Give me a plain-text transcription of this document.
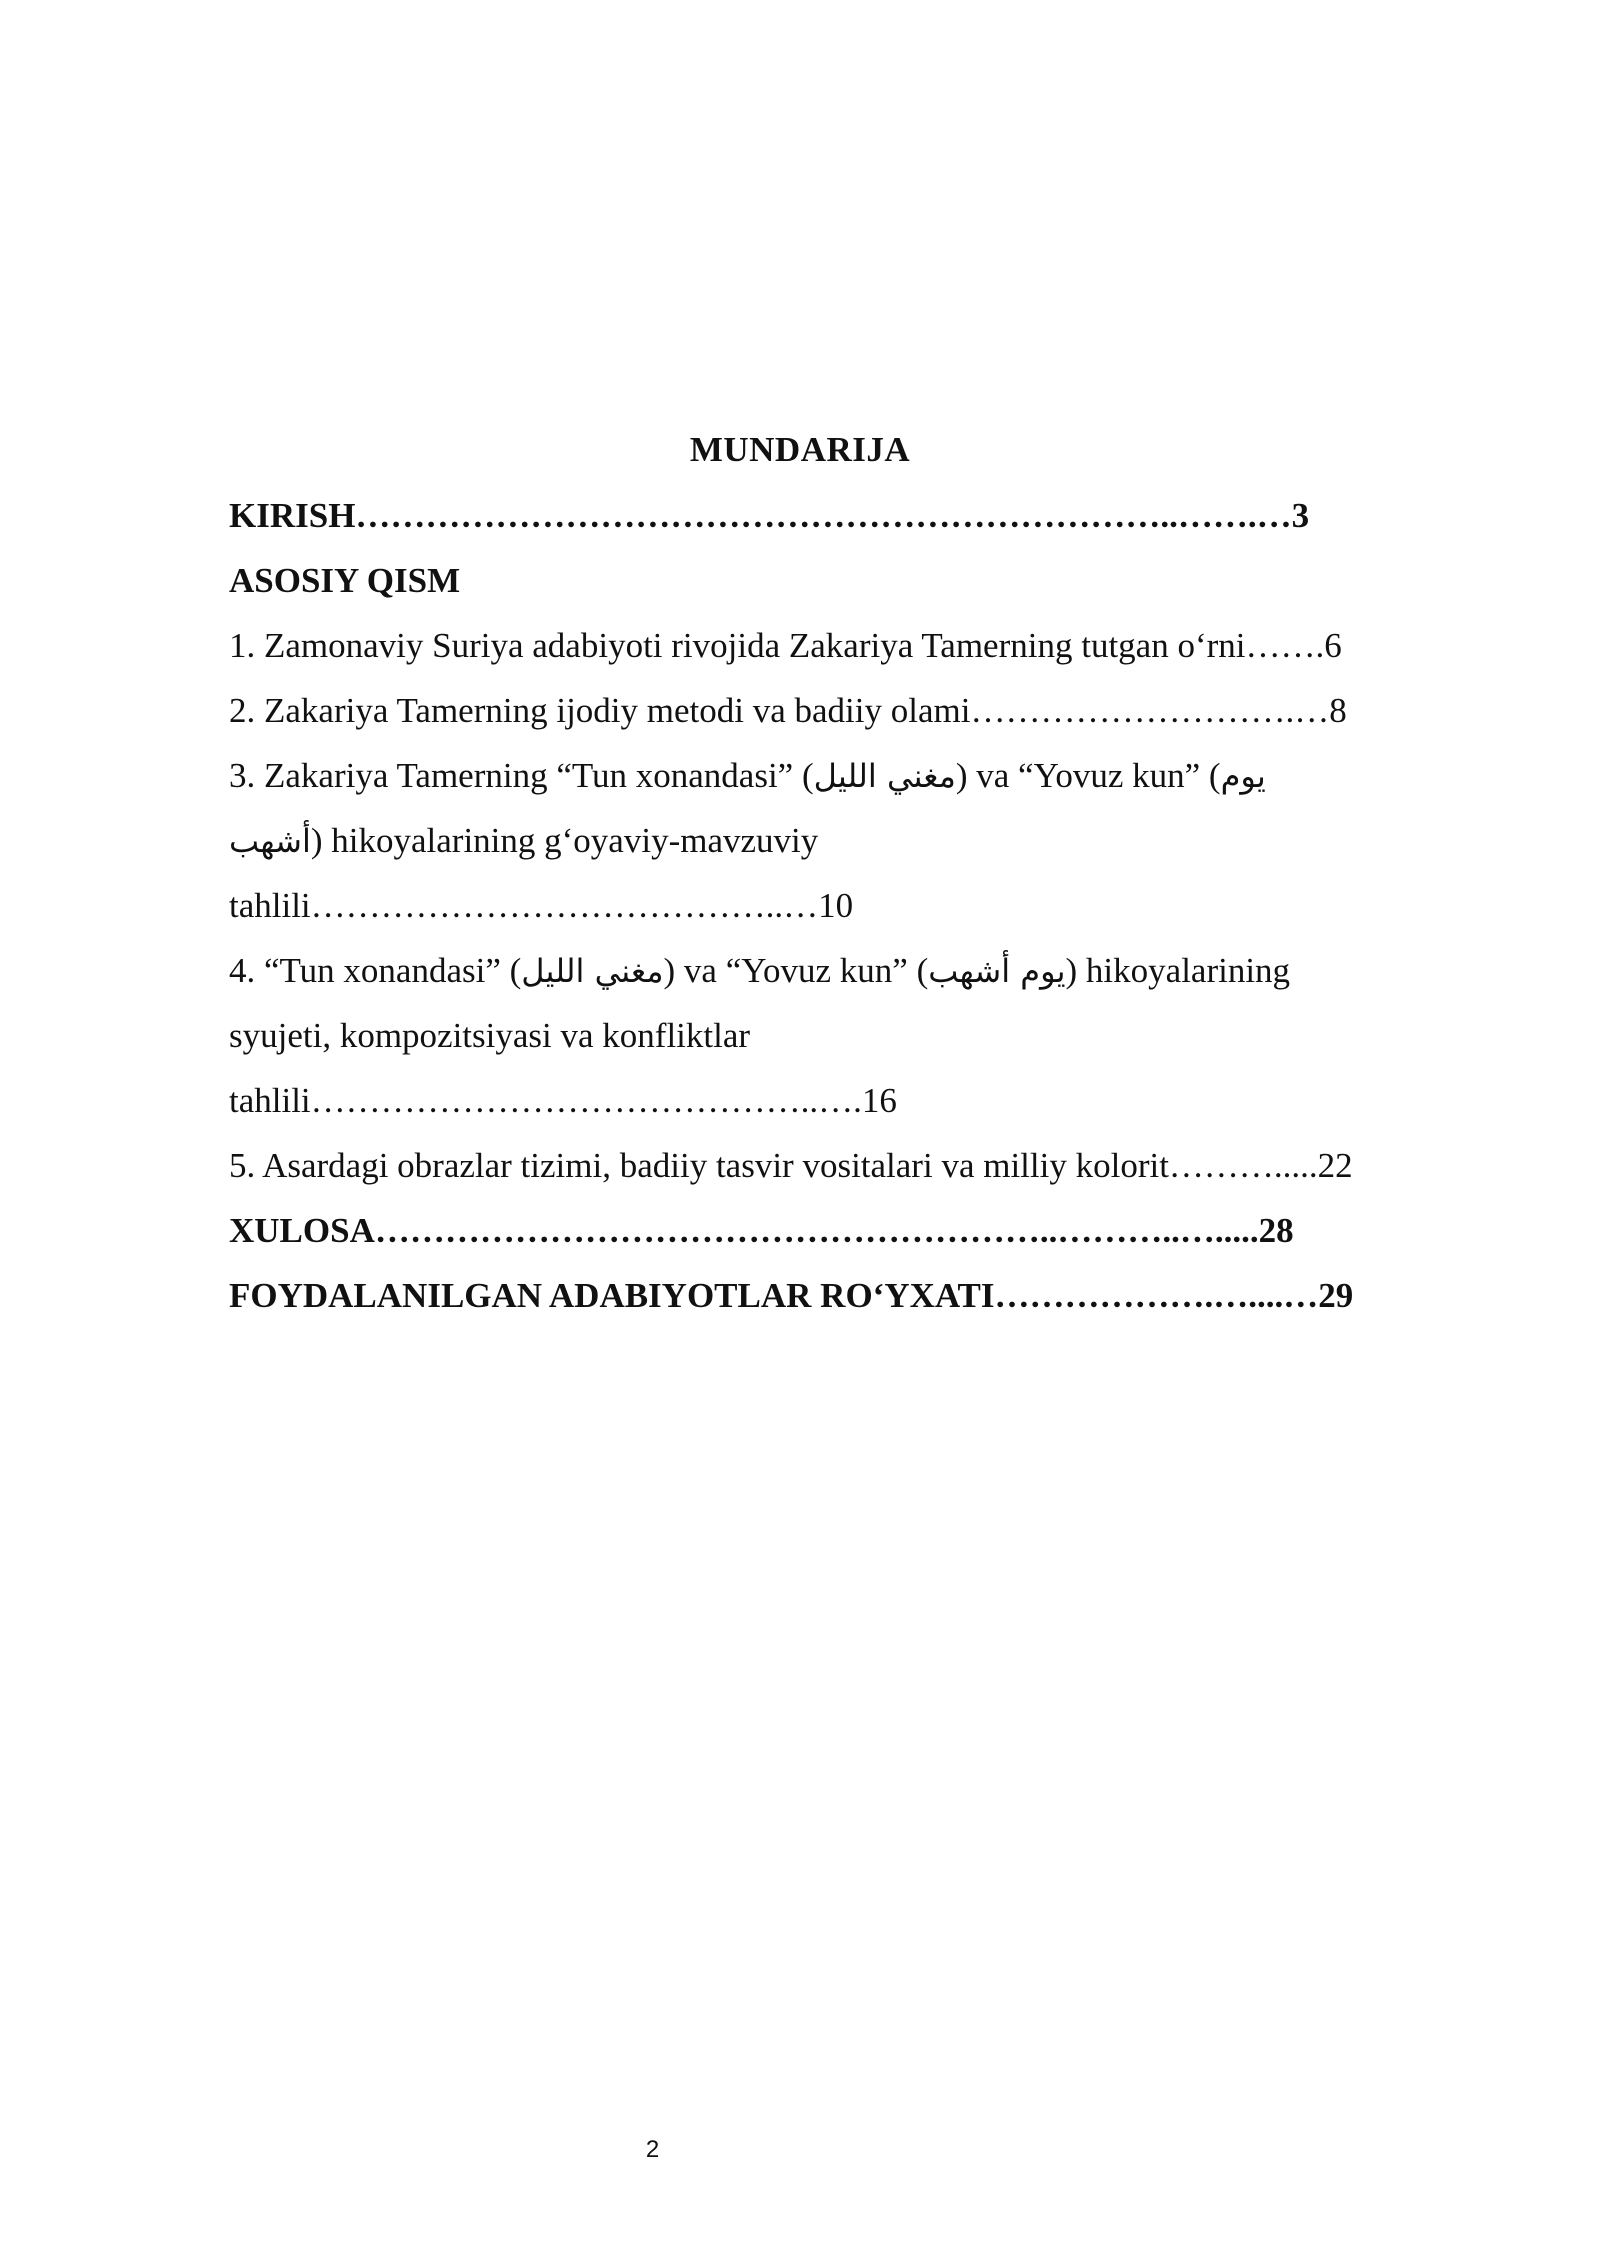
MUNDARIJA
KIRISH……………………………………………………………..…….…3
ASOSIY QISM
1. Zamonaviy Suriya adabiyoti rivojida Zakariya Tamerning tutgan o‘rni…….6
2. Zakariya Tamerning ijodiy metodi va badiiy olami……………………….…8
3. Zakariya Tamerning “Tun xonandasi” (مغني الليل) va “Yovuz kun” (يوم
أشهب) hikoyalarining g‘oyaviy-mavzuviy
tahlili…………………………………..…10
4. “Tun xonandasi” (مغني الليل) va “Yovuz kun” (يوم أشهب) hikoyalarining
syujeti, kompozitsiyasi va konfliktlar
tahlili……………………………………..….16
5. Asardagi obrazlar tizimi, badiiy tasvir vositalari va milliy kolorit……….....22
XULOSA…………………………………………………..………..….....28
FOYDALANILGAN ADABIYOTLAR RO‘YXATI……………….…....…29
2
